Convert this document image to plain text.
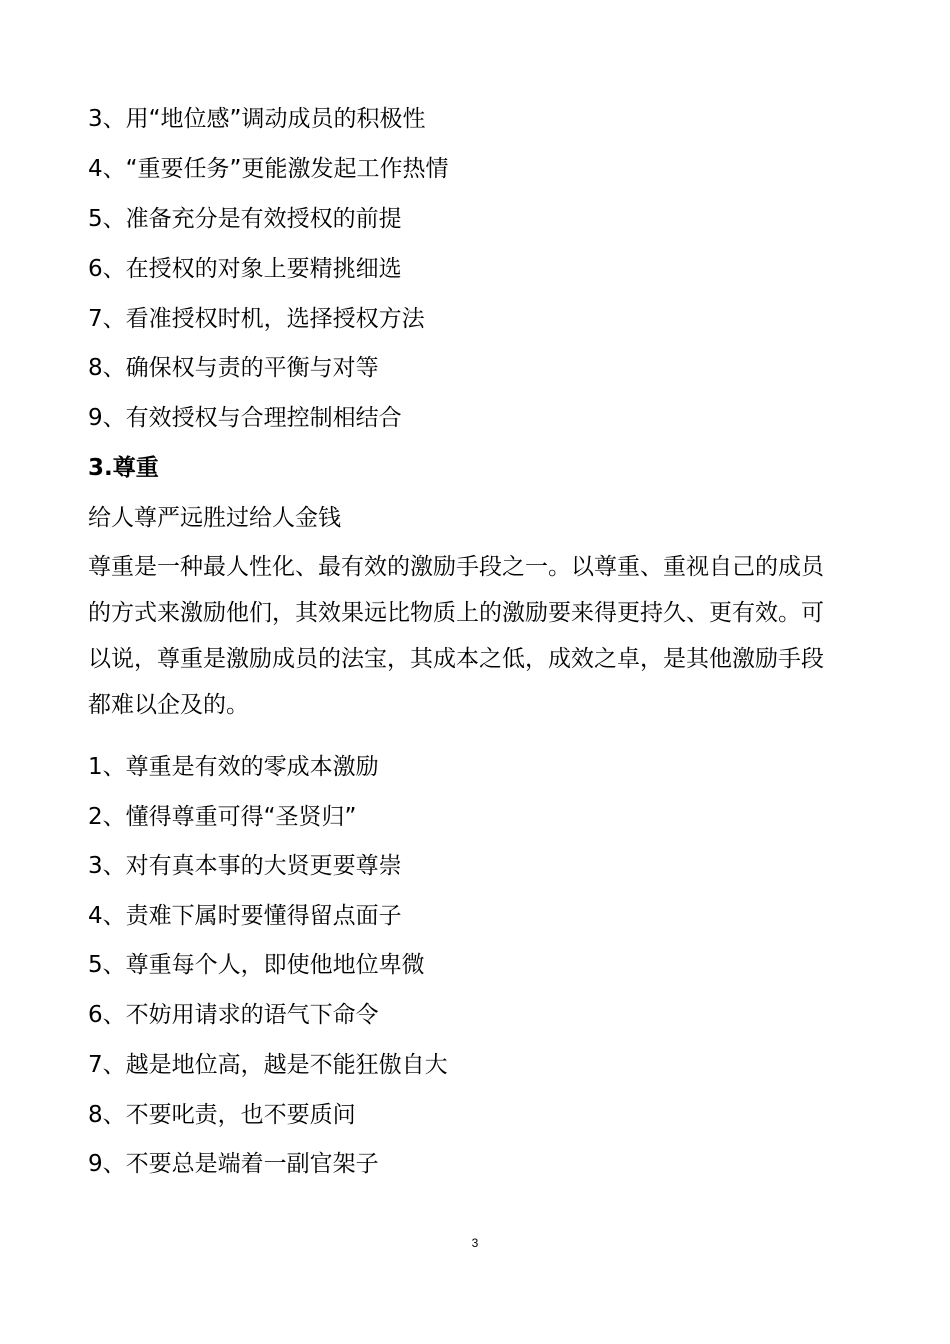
3、用“地位感”调动成员的积极性
4、“重要任务”更能激发起工作热情
5、准备充分是有效授权的前提
6、在授权的对象上要精挑细选
7、看准授权时机，选择授权方法
8、确保权与责的平衡与对等
9、有效授权与合理控制相结合
3.尊重
给人尊严远胜过给人金钱
尊重是一种最人性化、最有效的激励手段之一。以尊重、重视自己的成员
的方式来激励他们，其效果远比物质上的激励要来得更持久、更有效。可
以说，尊重是激励成员的法宝，其成本之低，成效之卓，是其他激励手段
都难以企及的。
1、尊重是有效的零成本激励
2、懂得尊重可得“圣贤归”
3、对有真本事的大贤更要尊崇
4、责难下属时要懂得留点面子
5、尊重每个人，即使他地位卑微
6、不妨用请求的语气下命令
7、越是地位高，越是不能狂傲自大
8、不要叱责，也不要质问
9、不要总是端着一副官架子
3
